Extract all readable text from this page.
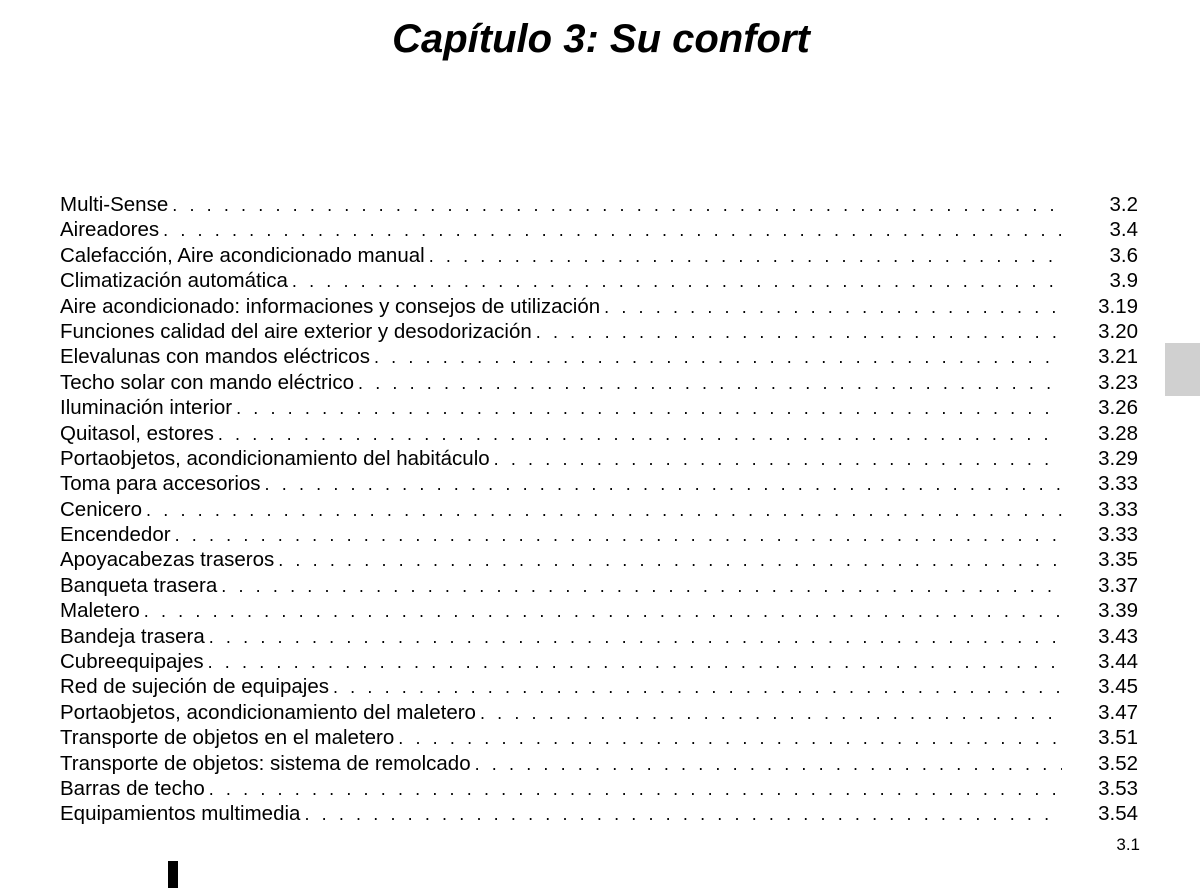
Capítulo 3: Su confort
Multi-Sense . . .	3.2
Aireadores . . .	3.4
Calefacción, Aire acondicionado manual . . .	3.6
Climatización automática . . .	3.9
Aire acondicionado: informaciones y consejos de utilización . . .	3.19
Funciones calidad del aire exterior y desodorización . . .	3.20
Elevalunas con mandos eléctricos . . .	3.21
Techo solar con mando eléctrico . . .	3.23
Iluminación interior . . .	3.26
Quitasol, estores . . .	3.28
Portaobjetos, acondicionamiento del habitáculo . . .	3.29
Toma para accesorios . . .	3.33
Cenicero . . .	3.33
Encendedor . . .	3.33
Apoyacabezas traseros . . .	3.35
Banqueta trasera . . .	3.37
Maletero . . .	3.39
Bandeja trasera . . .	3.43
Cubreequipajes . . .	3.44
Red de sujeción de equipajes . . .	3.45
Portaobjetos, acondicionamiento del maletero . . .	3.47
Transporte de objetos en el maletero . . .	3.51
Transporte de objetos: sistema de remolcado . . .	3.52
Barras de techo . . .	3.53
Equipamientos multimedia . . .	3.54
3.1
